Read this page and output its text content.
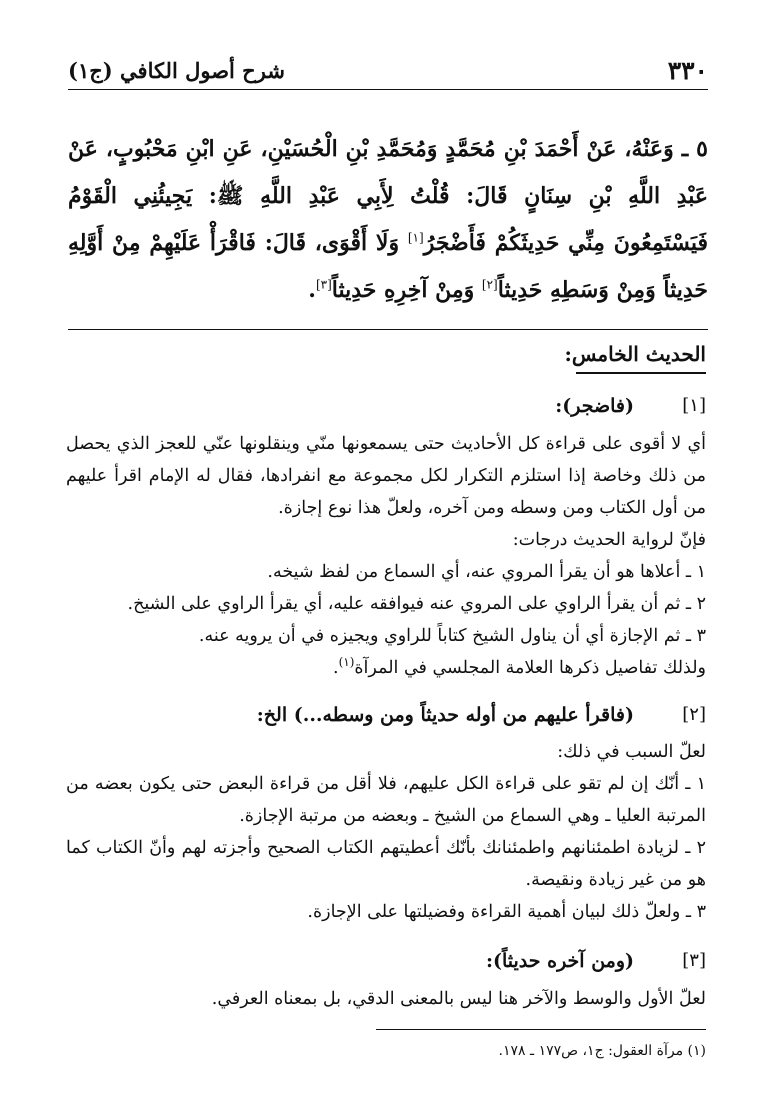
٣٣٠
شرح أصول الكافي (ج١)
٥ ـ وَعَنْهُ، عَنْ أَحْمَدَ بْنِ مُحَمَّدٍ وَمُحَمَّدِ بْنِ الْحُسَيْنِ، عَنِ ابْنِ مَحْبُوبٍ، عَنْ عَبْدِ اللَّهِ بْنِ سِنَانٍ قَالَ: قُلْتُ لِأَبِي عَبْدِ اللَّهِ ﷺ: يَجِيئُنِي الْقَوْمُ فَيَسْتَمِعُونَ مِنِّي حَدِيثَكُمْ فَأَضْجَرُ[١] وَلَا أَقْوَى، قَالَ: فَاقْرَأْ عَلَيْهِمْ مِنْ أَوَّلِهِ حَدِيثاً وَمِنْ وَسَطِهِ حَدِيثاً[٢] وَمِنْ آخِرِهِ حَدِيثاً[٣].
الحديث الخامس:
[١]
(فاضجر):

أي لا أقوى على قراءة كل الأحاديث حتى يسمعونها منّي وينقلونها عنّي للعجز الذي يحصل من ذلك وخاصة إذا استلزم التكرار لكل مجموعة مع انفرادها، فقال له الإمام اقرأ عليهم من أول الكتاب ومن وسطه ومن آخره، ولعلّ هذا نوع إجازة.

فإنّ لرواية الحديث درجات:

١ ـ أعلاها هو أن يقرأ المروي عنه، أي السماع من لفظ شيخه.

٢ ـ ثم أن يقرأ الراوي على المروي عنه فيوافقه عليه، أي يقرأ الراوي على الشيخ.

٣ ـ ثم الإجازة أي أن يناول الشيخ كتاباً للراوي ويجيزه في أن يرويه عنه.

ولذلك تفاصيل ذكرها العلامة المجلسي في المرآة$^{(١)}$.

[٢]
(فاقرأ عليهم من أوله حديثاً ومن وسطه...) الخ:

لعلّ السبب في ذلك:

١ ـ أنّك إن لم تقو على قراءة الكل عليهم، فلا أقل من قراءة البعض حتى يكون بعضه من المرتبة العليا ـ وهي السماع من الشيخ ـ وبعضه من مرتبة الإجازة.

٢ ـ لزيادة اطمئنانهم واطمئنانك بأنّك أعطيتهم الكتاب الصحيح وأجزته لهم وأنّ الكتاب كما هو من غير زيادة ونقيصة.

٣ ـ ولعلّ ذلك لبيان أهمية القراءة وفضيلتها على الإجازة.

[٣]
(ومن آخره حديثاً):

لعلّ الأول والوسط والآخر هنا ليس بالمعنى الدقي، بل بمعناه العرفي.

(١) مرآة العقول: ج١، ص١٧٧ ـ ١٧٨.
